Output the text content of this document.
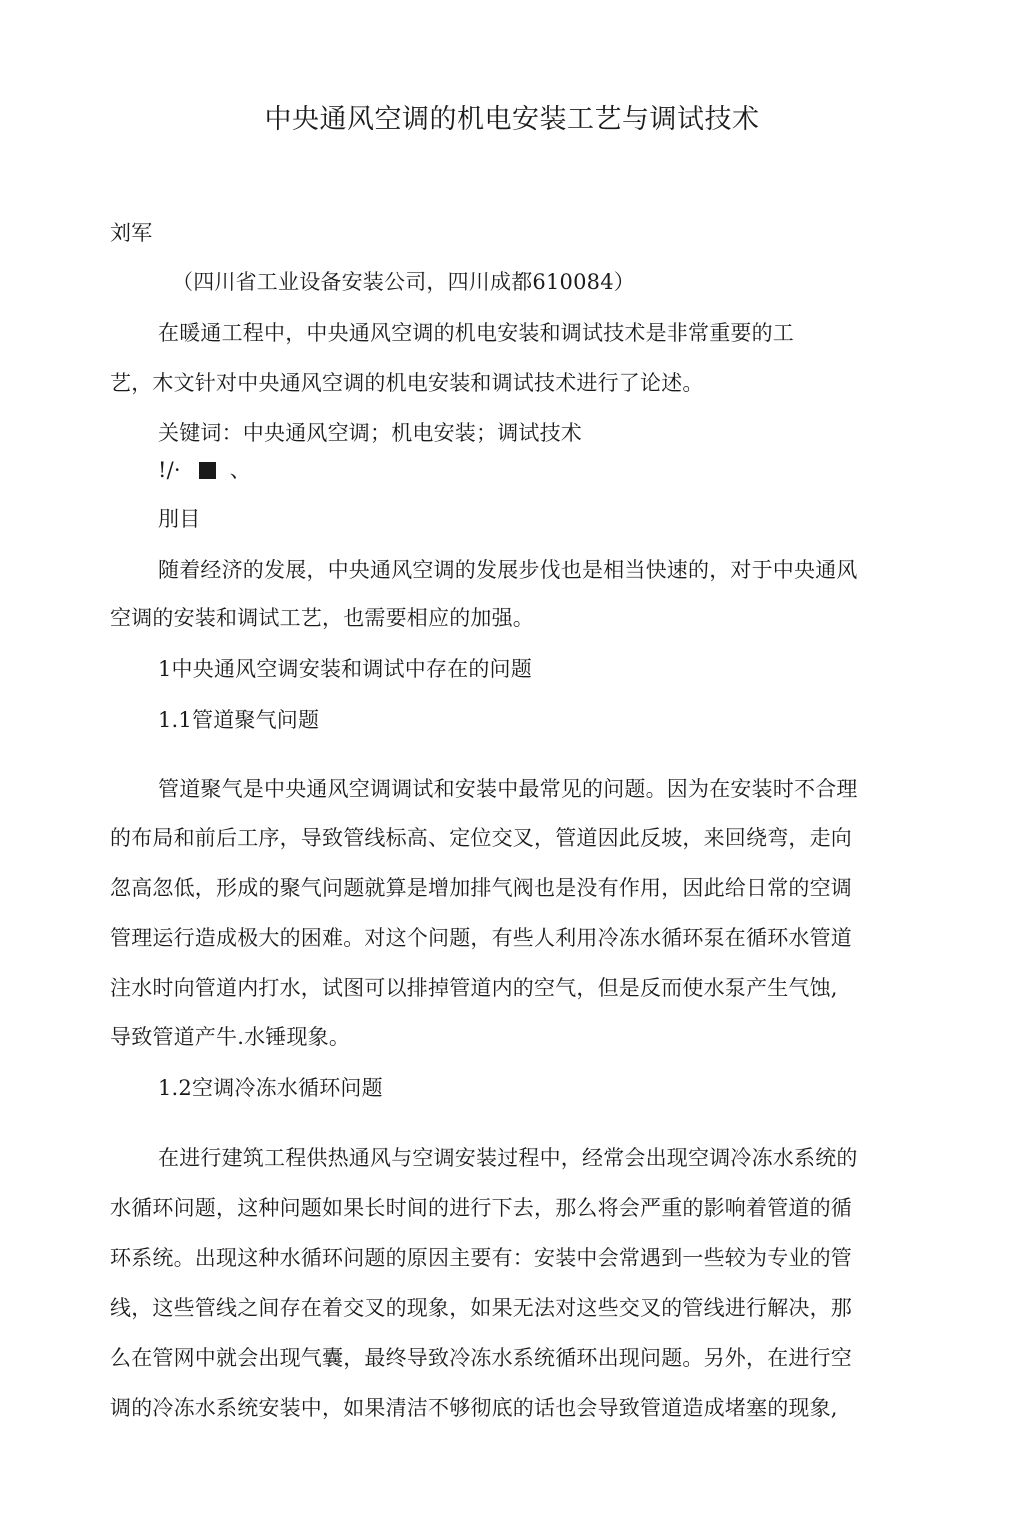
中央通风空调的机电安装工艺与调试技术
刘军
（四川省工业设备安装公司，四川成都610084）
在暖通工程中，中央通风空调的机电安装和调试技术是非常重要的工
艺，木文针对中央通风空调的机电安装和调试技术进行了论述。
关键词：中央通风空调；机电安装；调试技术
!/· 、
刖目
随着经济的发展，中央通风空调的发展步伐也是相当快速的，对于中央通风
空调的安装和调试工艺，也需要相应的加强。
1中央通风空调安装和调试中存在的问题
1.1管道聚气问题
管道聚气是中央通风空调调试和安装中最常见的问题。因为在安装时不合理
的布局和前后工序，导致管线标高、定位交叉，管道因此反坡，来回绕弯，走向
忽高忽低，形成的聚气问题就算是增加排气阀也是没有作用，因此给日常的空调
管理运行造成极大的困难。对这个问题，有些人利用冷冻水循环泵在循环水管道
注水时向管道内打水，试图可以排掉管道内的空气，但是反而使水泵产生气蚀,
导致管道产牛.水锤现象。
1.2空调冷冻水循环问题
在进行建筑工程供热通风与空调安装过程中，经常会出现空调冷冻水系统的
水循环问题，这种问题如果长时间的进行下去，那么将会严重的影响着管道的循
环系统。出现这种水循环问题的原因主要有：安装中会常遇到一些较为专业的管
线，这些管线之间存在着交叉的现象，如果无法对这些交叉的管线进行解决，那
么在管网中就会出现气囊，最终导致冷冻水系统循环出现问题。另外，在进行空
调的冷冻水系统安装中，如果清洁不够彻底的话也会导致管道造成堵塞的现象,
